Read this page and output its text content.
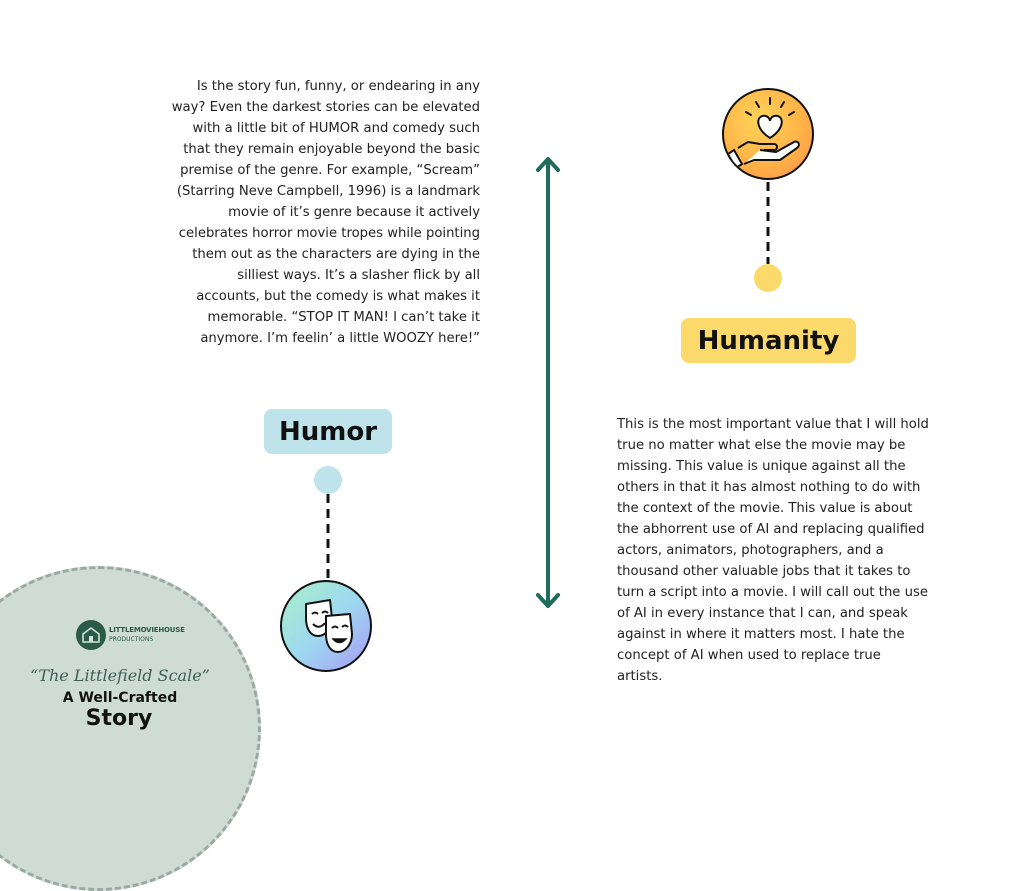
Is the story fun, funny, or endearing in any way? Even the darkest stories can be elevated with a little bit of HUMOR and comedy such that they remain enjoyable beyond the basic premise of the genre. For example, “Scream” (Starring Neve Campbell, 1996) is a landmark movie of it’s genre because it actively celebrates horror movie tropes while pointing them out as the characters are dying in the silliest ways. It’s a slasher flick by all accounts, but the comedy is what makes it memorable. “STOP IT MAN! I can’t take it anymore. I’m feelin’ a little WOOZY here!”	Humanity
This is the most important value that I will hold true no matter what else the movie may be missing. This value is unique against all the others in that it has almost nothing to do with the context of the movie. This value is about the abhorrent use of AI and replacing qualified actors, animators, photographers, and a thousand other valuable jobs that it takes to turn a script into a movie. I will call out the use of AI in every instance that I can, and speak against in where it matters most. I hate the concept of AI when used to replace true artists.
Humor
LITTLEMOVIEHOUSE
PRODUCTIONS
“The Littlefield Scale”
A Well-Crafted
Story
